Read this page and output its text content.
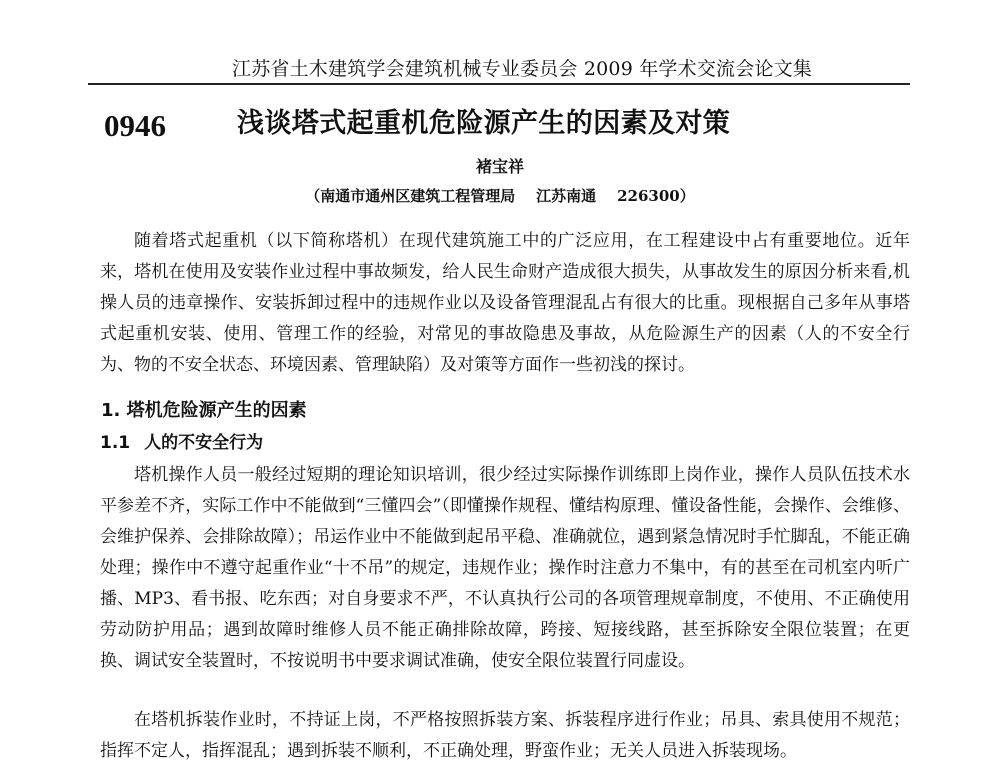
江苏省土木建筑学会建筑机械专业委员会 2009 年学术交流会论文集
0946	浅谈塔式起重机危险源产生的因素及对策
褚宝祥
（南通市通州区建筑工程管理局    江苏南通    226300）

随着塔式起重机（以下简称塔机）在现代建筑施工中的广泛应用，在工程建设中占有重要地位。近年来，塔机在使用及安装作业过程中事故频发，给人民生命财产造成很大损失，从事故发生的原因分析来看,机操人员的违章操作、安装拆卸过程中的违规作业以及设备管理混乱占有很大的比重。现根据自己多年从事塔式起重机安装、使用、管理工作的经验，对常见的事故隐患及事故，从危险源生产的因素（人的不安全行为、物的不安全状态、环境因素、管理缺陷）及对策等方面作一些初浅的探讨。

1. 塔机危险源产生的因素
1.1 人的不安全行为

塔机操作人员一般经过短期的理论知识培训，很少经过实际操作训练即上岗作业，操作人员队伍技术水平参差不齐，实际工作中不能做到“三懂四会”（即懂操作规程、懂结构原理、懂设备性能，会操作、会维修、会维护保养、会排除故障）；吊运作业中不能做到起吊平稳、准确就位，遇到紧急情况时手忙脚乱，不能正确处理；操作中不遵守起重作业“十不吊”的规定，违规作业；操作时注意力不集中，有的甚至在司机室内听广播、MP3、看书报、吃东西；对自身要求不严，不认真执行公司的各项管理规章制度，不使用、不正确使用劳动防护用品；遇到故障时维修人员不能正确排除故障，跨接、短接线路，甚至拆除安全限位装置；在更换、调试安全装置时，不按说明书中要求调试准确，使安全限位装置行同虚设。

在塔机拆装作业时，不持证上岗，不严格按照拆装方案、拆装程序进行作业；吊具、索具使用不规范；指挥不定人，指挥混乱；遇到拆装不顺利，不正确处理，野蛮作业；无关人员进入拆装现场。
